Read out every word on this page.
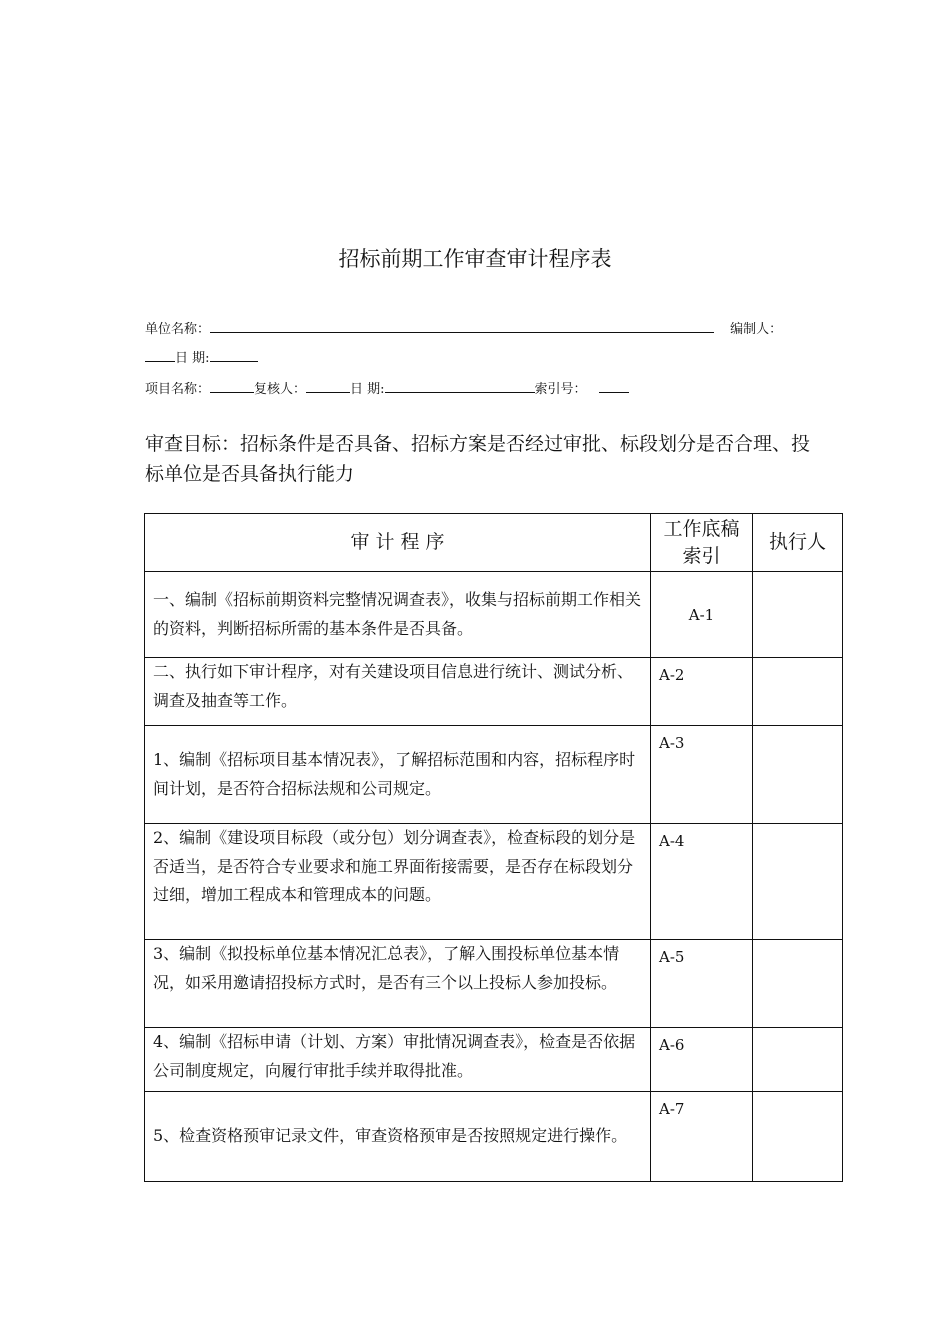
招标前期工作审查审计程序表
单位名称：	编制人：
日 期:
项目名称：	复核人：	日 期:	索引号：
审查目标：招标条件是否具备、招标方案是否经过审批、标段划分是否合理、投标单位是否具备执行能力
审 计 程 序	工作底稿索引	执行人
一、编制《招标前期资料完整情况调查表》，收集与招标前期工作相关的资料，判断招标所需的基本条件是否具备。	A-1	
二、执行如下审计程序，对有关建设项目信息进行统计、测试分析、调查及抽查等工作。	A-2	
1、编制《招标项目基本情况表》，了解招标范围和内容，招标程序时间计划，是否符合招标法规和公司规定。	A-3	
2、编制《建设项目标段（或分包）划分调查表》，检查标段的划分是否适当，是否符合专业要求和施工界面衔接需要，是否存在标段划分过细，增加工程成本和管理成本的问题。	A-4	
3、编制《拟投标单位基本情况汇总表》，了解入围投标单位基本情况，如采用邀请招投标方式时，是否有三个以上投标人参加投标。	A-5	
4、编制《招标申请（计划、方案）审批情况调查表》，检查是否依据公司制度规定，向履行审批手续并取得批准。	A-6	
5、检查资格预审记录文件，审查资格预审是否按照规定进行操作。	A-7	
